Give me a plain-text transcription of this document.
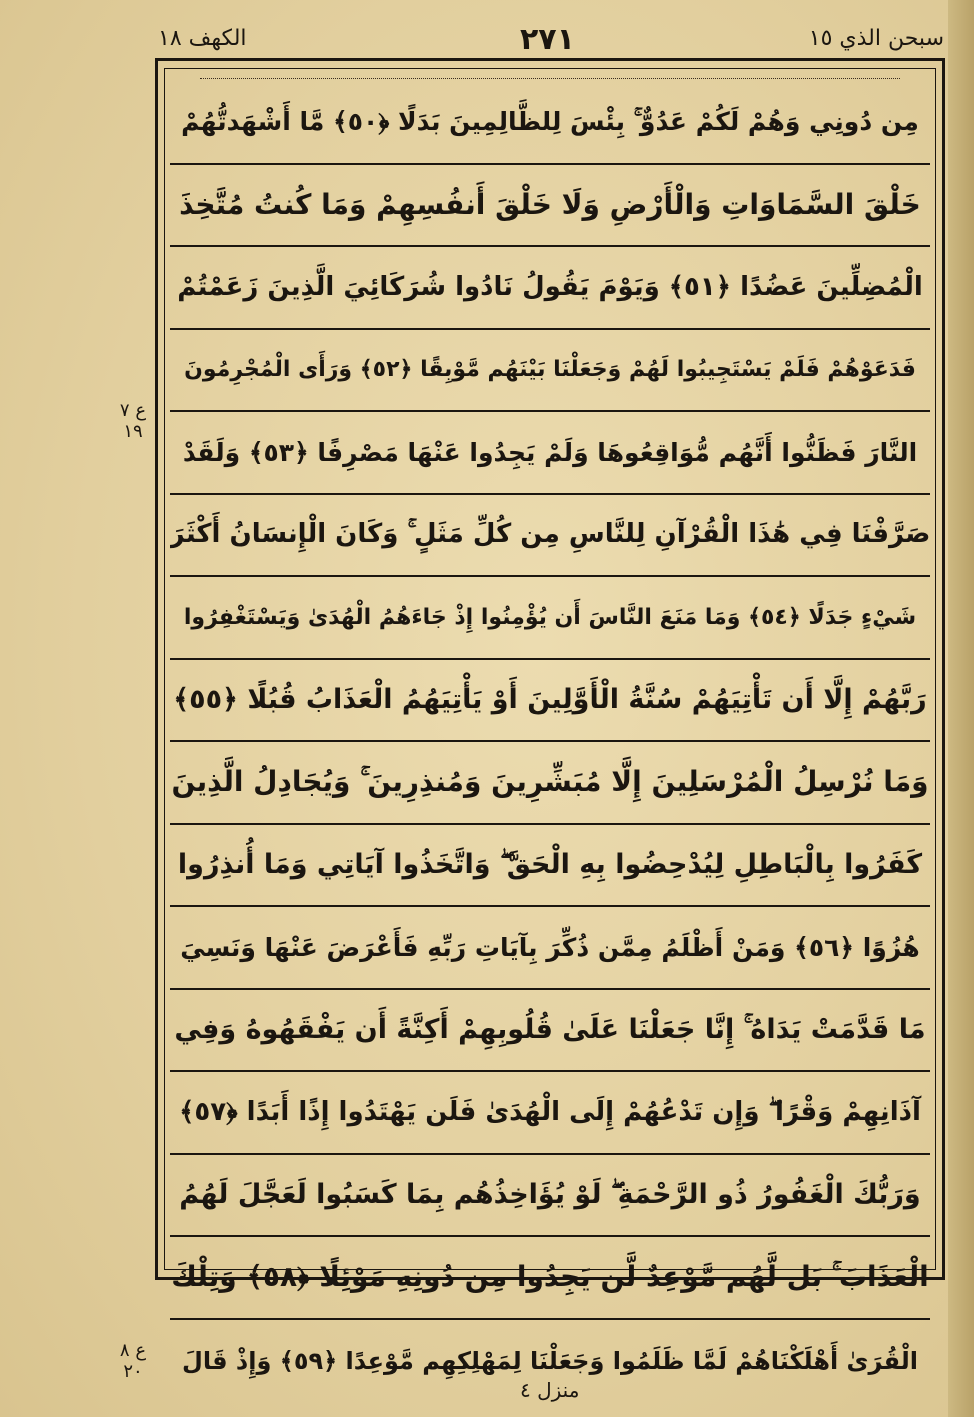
الكهف ١٨	٢٧١	سبحن الذي ١٥
مِن دُونِي وَهُمْ لَكُمْ عَدُوٌّ ۚ بِئْسَ لِلظَّالِمِينَ بَدَلًا ﴿٥٠﴾ مَّا أَشْهَدتُّهُمْ
خَلْقَ السَّمَاوَاتِ وَالْأَرْضِ وَلَا خَلْقَ أَنفُسِهِمْ وَمَا كُنتُ مُتَّخِذَ
الْمُضِلِّينَ عَضُدًا ﴿٥١﴾ وَيَوْمَ يَقُولُ نَادُوا شُرَكَائِيَ الَّذِينَ زَعَمْتُمْ
فَدَعَوْهُمْ فَلَمْ يَسْتَجِيبُوا لَهُمْ وَجَعَلْنَا بَيْنَهُم مَّوْبِقًا ﴿٥٢﴾ وَرَأَى الْمُجْرِمُونَ
النَّارَ فَظَنُّوا أَنَّهُم مُّوَاقِعُوهَا وَلَمْ يَجِدُوا عَنْهَا مَصْرِفًا ﴿٥٣﴾ وَلَقَدْ
صَرَّفْنَا فِي هَٰذَا الْقُرْآنِ لِلنَّاسِ مِن كُلِّ مَثَلٍ ۚ وَكَانَ الْإِنسَانُ أَكْثَرَ
شَيْءٍ جَدَلًا ﴿٥٤﴾ وَمَا مَنَعَ النَّاسَ أَن يُؤْمِنُوا إِذْ جَاءَهُمُ الْهُدَىٰ وَيَسْتَغْفِرُوا
رَبَّهُمْ إِلَّا أَن تَأْتِيَهُمْ سُنَّةُ الْأَوَّلِينَ أَوْ يَأْتِيَهُمُ الْعَذَابُ قُبُلًا ﴿٥٥﴾
وَمَا نُرْسِلُ الْمُرْسَلِينَ إِلَّا مُبَشِّرِينَ وَمُنذِرِينَ ۚ وَيُجَادِلُ الَّذِينَ
كَفَرُوا بِالْبَاطِلِ لِيُدْحِضُوا بِهِ الْحَقَّ ۖ وَاتَّخَذُوا آيَاتِي وَمَا أُنذِرُوا
هُزُوًا ﴿٥٦﴾ وَمَنْ أَظْلَمُ مِمَّن ذُكِّرَ بِآيَاتِ رَبِّهِ فَأَعْرَضَ عَنْهَا وَنَسِيَ
مَا قَدَّمَتْ يَدَاهُ ۚ إِنَّا جَعَلْنَا عَلَىٰ قُلُوبِهِمْ أَكِنَّةً أَن يَفْقَهُوهُ وَفِي
آذَانِهِمْ وَقْرًا ۖ وَإِن تَدْعُهُمْ إِلَى الْهُدَىٰ فَلَن يَهْتَدُوا إِذًا أَبَدًا ﴿٥٧﴾
وَرَبُّكَ الْغَفُورُ ذُو الرَّحْمَةِ ۖ لَوْ يُؤَاخِذُهُم بِمَا كَسَبُوا لَعَجَّلَ لَهُمُ
الْعَذَابَ ۚ بَل لَّهُم مَّوْعِدٌ لَّن يَجِدُوا مِن دُونِهِ مَوْئِلًا ﴿٥٨﴾ وَتِلْكَ
الْقُرَىٰ أَهْلَكْنَاهُمْ لَمَّا ظَلَمُوا وَجَعَلْنَا لِمَهْلِكِهِم مَّوْعِدًا ﴿٥٩﴾ وَإِذْ قَالَ
ع ٧ ١٩
ع ٨ ٢٠
منزل ٤
